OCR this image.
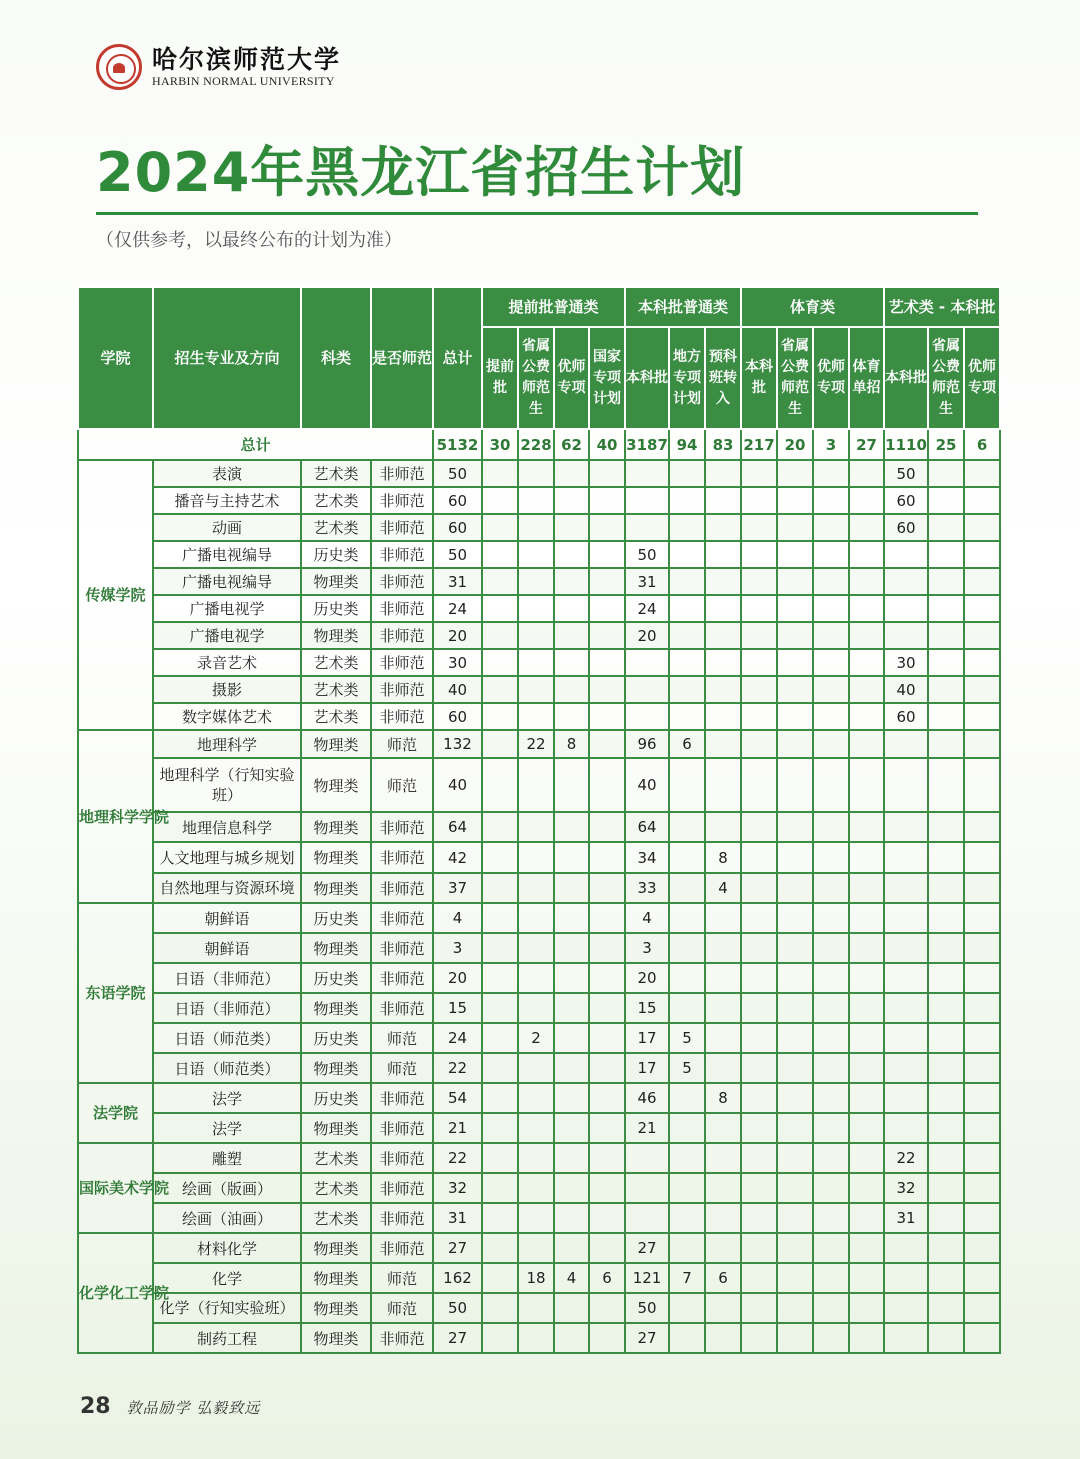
哈尔滨师范大学
HARBIN NORMAL UNIVERSITY
2024年黑龙江省招生计划
（仅供参考，以最终公布的计划为准）
学院	招生专业及方向	科类	是否师范	总计	提前批普通类				本科批普通类			体育类				艺术类 - 本科批		
					提前批	省属公费师范生	优师专项	国家专项计划	本科批	地方专项计划	预科班转入	本科批	省属公费师范生	优师专项	体育单招	本科批	省属公费师范生	优师专项
总计				5132	30	228	62	40	3187	94	83	217	20	3	27	1110	25	6
传媒学院	表演	艺术类	非师范	50												50		
	播音与主持艺术	艺术类	非师范	60												60		
	动画	艺术类	非师范	60												60		
	广播电视编导	历史类	非师范	50					50									
	广播电视编导	物理类	非师范	31					31									
	广播电视学	历史类	非师范	24					24									
	广播电视学	物理类	非师范	20					20									
	录音艺术	艺术类	非师范	30												30		
	摄影	艺术类	非师范	40												40		
	数字媒体艺术	艺术类	非师范	60												60		
地理科学学院	地理科学	物理类	师范	132		22	8		96	6								
	地理科学（行知实验班）	物理类	师范	40					40									
	地理信息科学	物理类	非师范	64					64									
	人文地理与城乡规划	物理类	非师范	42					34		8							
	自然地理与资源环境	物理类	非师范	37					33		4							
东语学院	朝鲜语	历史类	非师范	4					4									
	朝鲜语	物理类	非师范	3					3									
	日语（非师范）	历史类	非师范	20					20									
	日语（非师范）	物理类	非师范	15					15									
	日语（师范类）	历史类	师范	24		2			17	5								
	日语（师范类）	物理类	师范	22					17	5								
法学院	法学	历史类	非师范	54					46		8							
	法学	物理类	非师范	21					21									
国际美术学院	雕塑	艺术类	非师范	22												22		
	绘画（版画）	艺术类	非师范	32												32		
	绘画（油画）	艺术类	非师范	31												31		
化学化工学院	材料化学	物理类	非师范	27					27									
	化学	物理类	师范	162		18	4	6	121	7	6							
	化学（行知实验班）	物理类	师范	50					50									
	制药工程	物理类	非师范	27					27									
28 敦品励学 弘毅致远
